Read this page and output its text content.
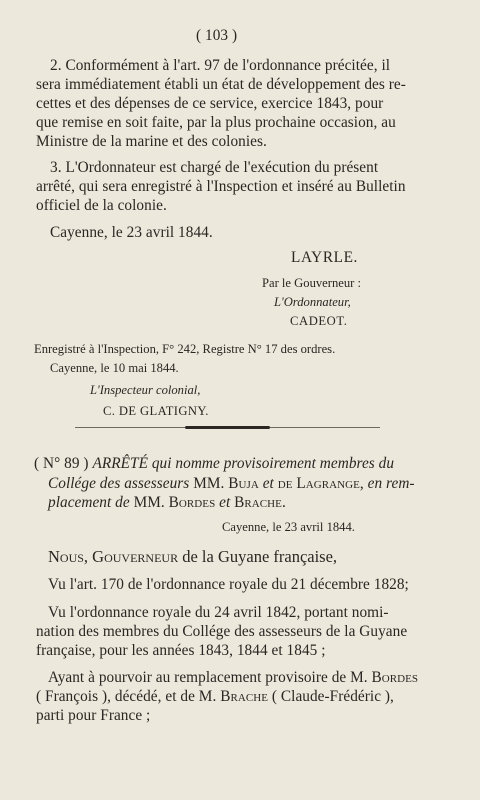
( 103 )
2. Conformément à l'art. 97 de l'ordonnance précitée, il
sera immédiatement établi un état de développement des re-
cettes et des dépenses de ce service, exercice 1843, pour
que remise en soit faite, par la plus prochaine occasion, au
Ministre de la marine et des colonies.
3. L'Ordonnateur est chargé de l'exécution du présent
arrêté, qui sera enregistré à l'Inspection et inséré au Bulletin
officiel de la colonie.
Cayenne, le 23 avril 1844.
LAYRLE.
Par le Gouverneur :
L'Ordonnateur,
CADEOT.
Enregistré à l'Inspection, F° 242, Registre N° 17 des ordres.
Cayenne, le 10 mai 1844.
L'Inspecteur colonial,
C. DE GLATIGNY.
( N° 89 ) ARRÊTÉ qui nomme provisoirement membres du
Collége des assesseurs MM. Buja et de Lagrange, en rem-
placement de MM. Bordes et Brache.
Cayenne, le 23 avril 1844.
Nous, Gouverneur de la Guyane française,
Vu l'art. 170 de l'ordonnance royale du 21 décembre 1828;
Vu l'ordonnance royale du 24 avril 1842, portant nomi-
nation des membres du Collége des assesseurs de la Guyane
française, pour les années 1843, 1844 et 1845 ;
Ayant à pourvoir au remplacement provisoire de M. Bordes
( François ), décédé, et de M. Brache ( Claude-Frédéric ),
parti pour France ;
